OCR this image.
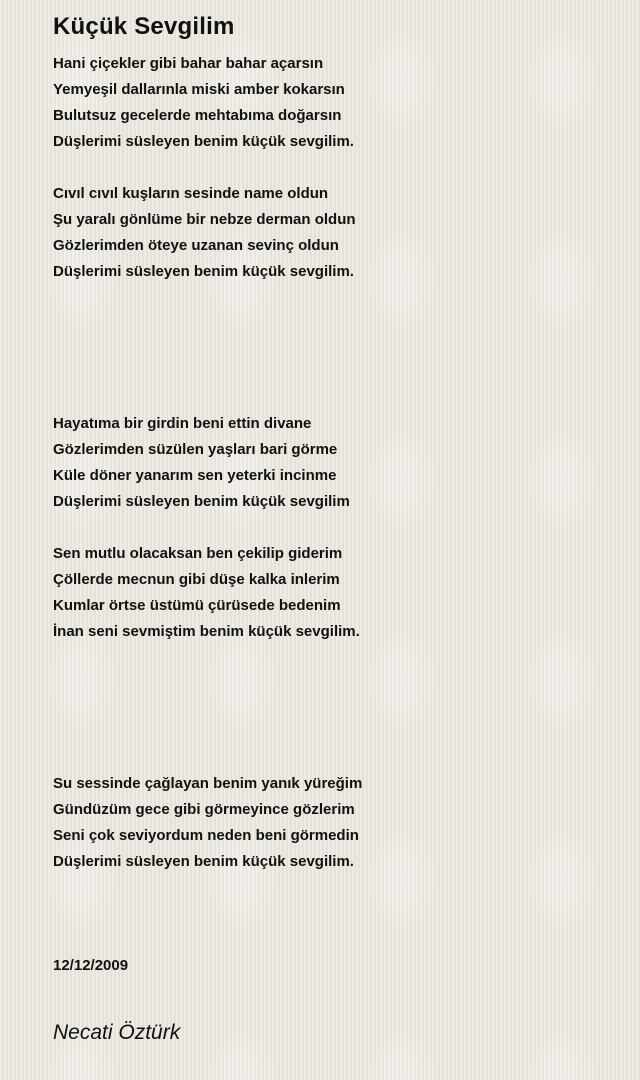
Küçük Sevgilim
Hani çiçekler gibi bahar bahar açarsın
Yemyeşil dallarınla miski amber kokarsın
Bulutsuz gecelerde mehtabıma doğarsın
Düşlerimi süsleyen benim küçük sevgilim.
Cıvıl cıvıl kuşların sesinde name oldun
Şu yaralı gönlüme bir nebze derman oldun
Gözlerimden öteye uzanan sevinç oldun
Düşlerimi süsleyen benim küçük sevgilim.
Hayatıma bir girdin beni ettin divane
Gözlerimden süzülen yaşları bari görme
Küle döner yanarım sen yeterki incinme
Düşlerimi süsleyen benim küçük sevgilim
Sen mutlu olacaksan ben çekilip giderim
Çöllerde mecnun gibi düşe kalka inlerim
Kumlar örtse üstümü çürüsede bedenim
İnan seni sevmiştim benim küçük sevgilim.
Su sessinde çağlayan benim yanık yüreğim
Gündüzüm gece gibi görmeyince gözlerim
Seni çok seviyordum neden beni görmedin
Düşlerimi süsleyen benim küçük sevgilim.
12/12/2009
Necati Öztürk
